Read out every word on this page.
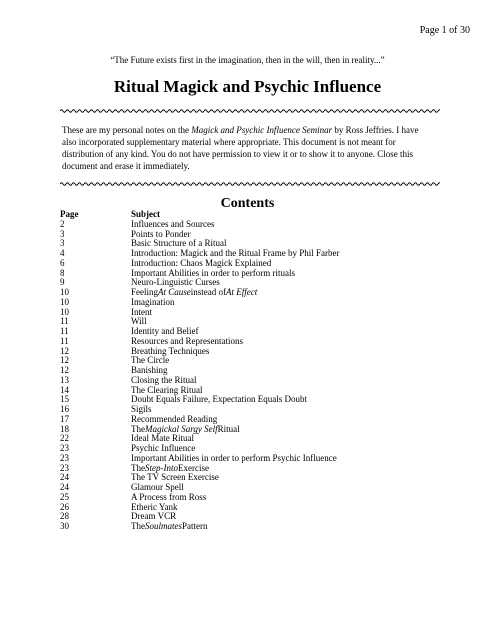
Page 1 of 30
“The Future exists first in the imagination, then in the will, then in reality...”
Ritual Magick and Psychic Influence
These are my personal notes on the Magick and Psychic Influence Seminar by Ross Jeffries. I have also incorporated supplementary material where appropriate. This document is not meant for distribution of any kind. You do not have permission to view it or to show it to anyone. Close this document and erase it immediately.
Contents
Page	Subject
2	Influences and Sources
3	Points to Ponder
3	Basic Structure of a Ritual
4	Introduction: Magick and the Ritual Frame by Phil Farber
6	Introduction: Chaos Magick Explained
8	Important Abilities in order to perform rituals
9	Neuro-Linguistic Curses
10	FeelingAt Causeinstead ofAt Effect
10	Imagination
10	Intent
11	Will
11	Identity and Belief
11	Resources and Representations
12	Breathing Techniques
12	The Circle
12	Banishing
13	Closing the Ritual
14	The Clearing Ritual
15	Doubt Equals Failure, Expectation Equals Doubt
16	Sigils
17	Recommended Reading
18	TheMagickal Sargy SelfRitual
22	Ideal Mate Ritual
23	Psychic Influence
23	Important Abilities in order to perform Psychic Influence
23	TheStep-IntoExercise
24	The TV Screen Exercise
24	Glamour Spell
25	A Process from Ross
26	Etheric Yank
28	Dream VCR
30	TheSoulmatesPattern
